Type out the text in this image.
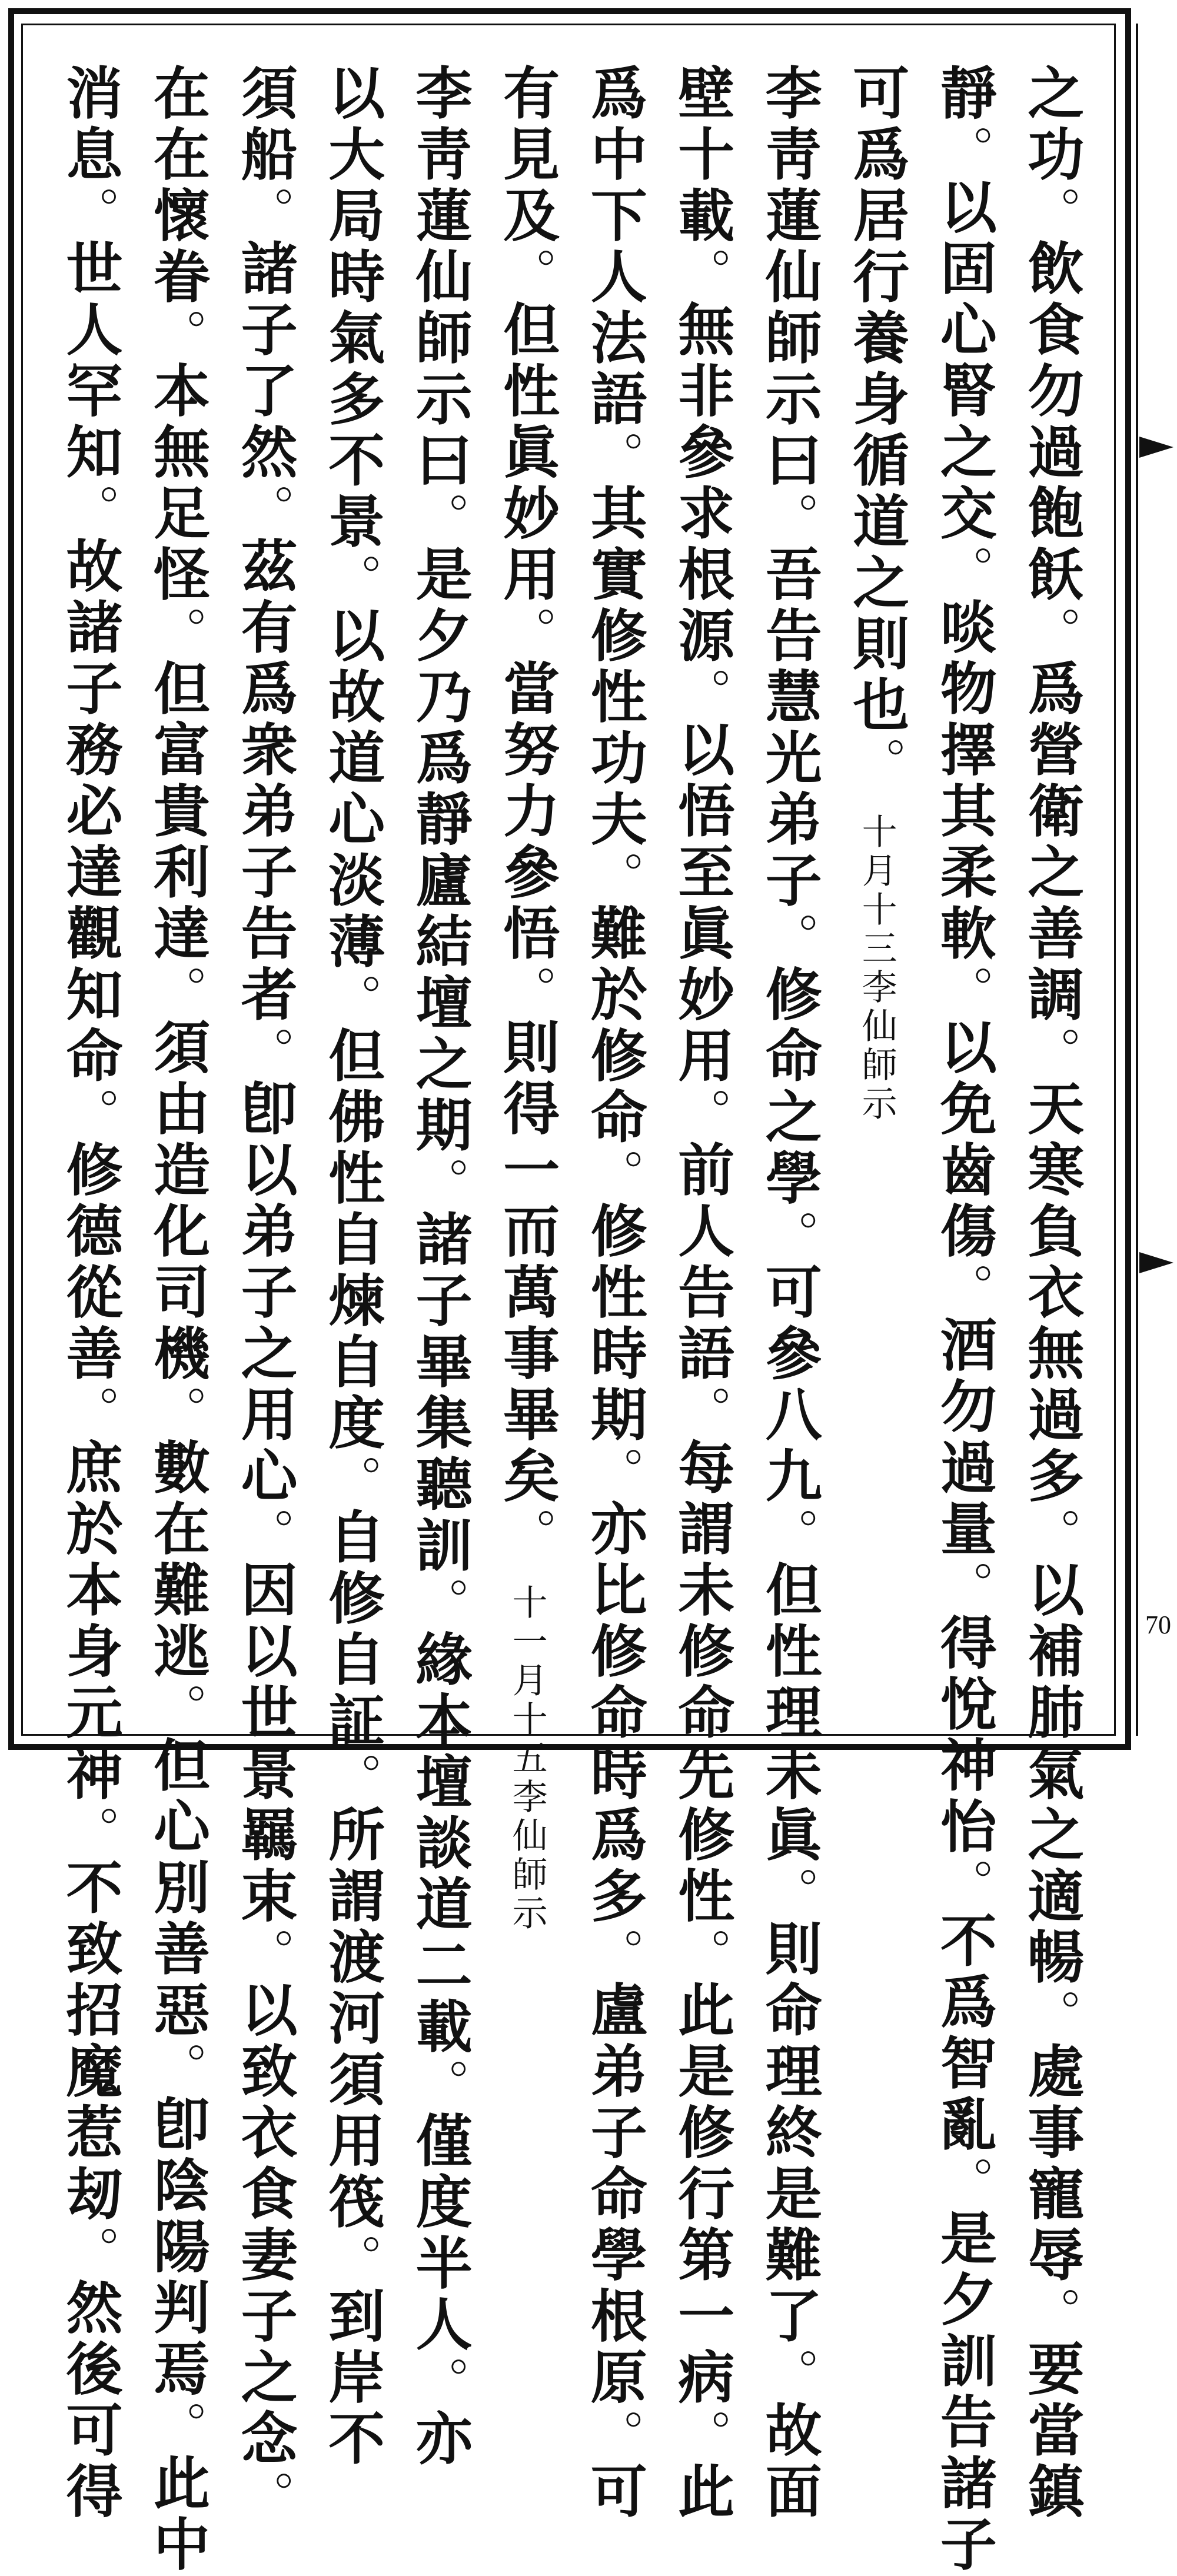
之功。飲食勿過飽飫。爲營衛之善調。天寒負衣無過多。以補肺氣之適暢。處事寵辱。要當鎮
靜。以固心腎之交。啖物擇其柔軟。以免齒傷。酒勿過量。得悅神怡。不爲智亂。是夕訓告諸子
可爲居行養身循道之則也。十月十三李仙師示
李靑蓮仙師示曰。吾告慧光弟子。修命之學。可參八九。但性理未眞。則命理終是難了。故面
壁十載。無非參求根源。以悟至眞妙用。前人告語。每謂未修命先修性。此是修行第一病。此
爲中下人法語。其實修性功夫。難於修命。修性時期。亦比修命時爲多。盧弟子命學根原。可
有見及。但性眞妙用。當努力參悟。則得一而萬事畢矣。十一月十五李仙師示
李靑蓮仙師示曰。是夕乃爲靜廬結壇之期。諸子畢集聽訓。緣本壇談道二載。僅度半人。亦
以大局時氣多不景。以故道心淡薄。但佛性自煉自度。自修自証。所謂渡河須用筏。到岸不
須船。諸子了然。茲有爲衆弟子告者。卽以弟子之用心。因以世景羈束。以致衣食妻子之念。
在在懷眷。本無足怪。但富貴利達。須由造化司機。數在難逃。但心別善惡。卽陰陽判焉。此中
消息。世人罕知。故諸子務必達觀知命。修德從善。庶於本身元神。不致招魔惹刼。然後可得
70
